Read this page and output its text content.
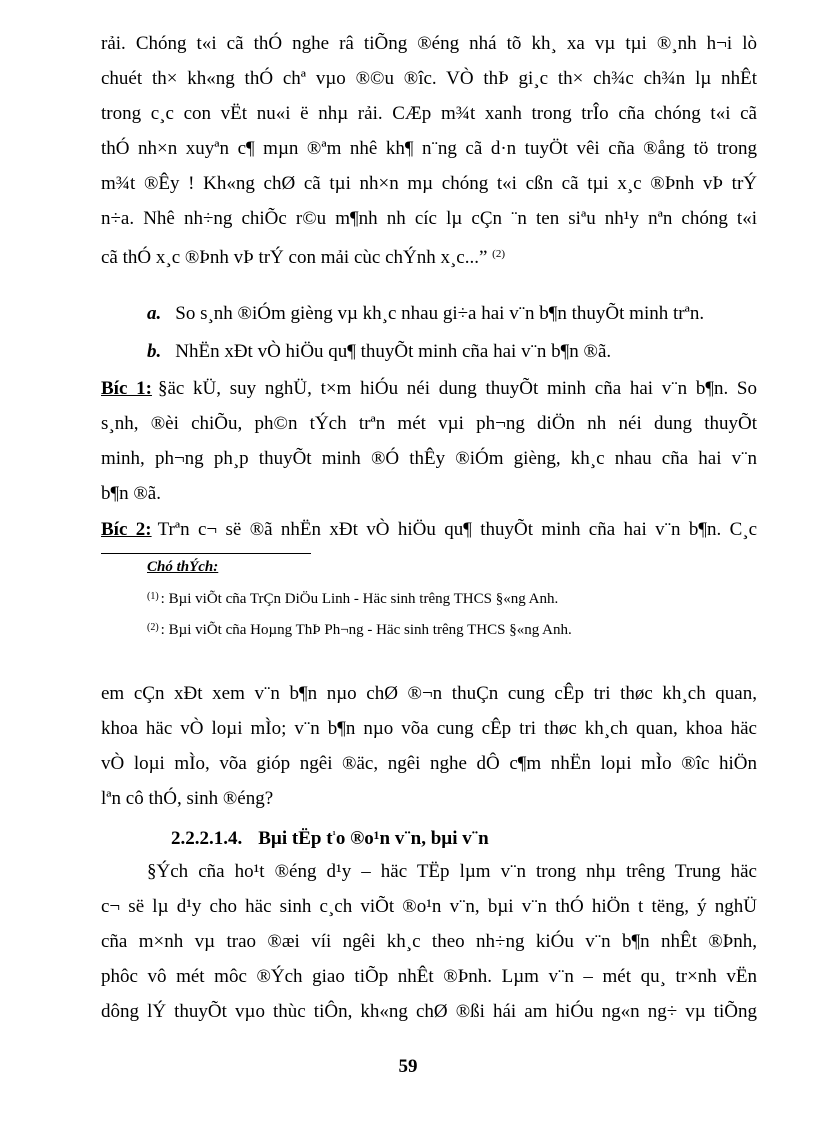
rải. Chóng t«i cã thÓ nghe râ tiÕng ®éng nhá tõ kh¸ xa vµ tµi ®¸nh h¬i lò
chuét th× kh«ng thÓ chª vµo ®©u ®îc. VÒ thÞ gi¸c th× ch¾c ch¾n lµ nhÊt
trong c¸c con vËt nu«i ë nhµ rải. CÆp m¾t xanh trong trÎo cña chóng t«i cã
thÓ nh×n xuyªn c¶ mµn ®ªm nhê kh¶ n¨ng cã d·n tuyÖt vêi cña ®ång tö trong
m¾t ®Êy ! Kh«ng chØ cã tµi nh×n mµ chóng t«i cßn cã tµi x¸c ®Þnh vÞ trÝ
n÷a. Nhê nh÷ng chiÕc r©u m¶nh nh cíc lµ cÇn ¨n ten siªu nh¹y nªn chóng t«i
cã thÓ x¸c ®Þnh vÞ trÝ con mải cùc chÝnh x¸c...” $^{(2)}$
a. So s¸nh ®iÓm gièng vµ kh¸c nhau gi÷a hai v¨n b¶n thuyÕt minh trªn.
b. NhËn xÐt vÒ hiÖu qu¶ thuyÕt minh cña hai v¨n b¶n ®ã.
Bíc 1: §äc kÜ, suy nghÜ, t×m hiÓu néi dung thuyÕt minh cña hai v¨n b¶n. So
s¸nh, ®èi chiÕu, ph©n tÝch trªn mét vµi ph¬ng diÖn nh néi dung thuyÕt
minh, ph¬ng ph¸p thuyÕt minh ®Ó thÊy ®iÓm gièng, kh¸c nhau cña hai v¨n
b¶n ®ã.
Bíc 2: Trªn c¬ së ®ã nhËn xÐt vÒ hiÖu qu¶ thuyÕt minh cña hai v¨n b¶n. C¸c
Chó thÝch:
$^{(1)}$ : Bµi viÕt cña TrÇn DiÖu Linh - Häc sinh trêng THCS §«ng Anh.
$^{(2)}$ : Bµi viÕt cña Hoµng ThÞ Ph¬ng - Häc sinh trêng THCS §«ng Anh.
em cÇn xÐt xem v¨n b¶n nµo chØ ®¬n thuÇn cung cÊp tri thøc kh¸ch quan,
khoa häc vÒ loµi mÌo; v¨n b¶n nµo võa cung cÊp tri thøc kh¸ch quan, khoa häc
vÒ loµi mÌo, võa gióp ngêi ®äc, ngêi nghe dÔ c¶m nhËn loµi mÌo ®îc hiÖn
lªn cô thÓ, sinh ®éng?
2.2.2.1.4. Bµi tËp $t^{^1}o$ ®o¹n v¨n, bµi v¨n
§Ých cña ho¹t ®éng d¹y – häc TËp lµm v¨n trong nhµ trêng Trung häc
c¬ së lµ d¹y cho häc sinh c¸ch viÕt ®o¹n v¨n, bµi v¨n thÓ hiÖn t tëng, ý nghÜ
cña m×nh vµ trao ®æi víi ngêi kh¸c theo nh÷ng kiÓu v¨n b¶n nhÊt ®Þnh,
phôc vô mét môc ®Ých giao tiÕp nhÊt ®Þnh. Lµm v¨n – mét qu¸ tr×nh vËn
dông lÝ thuyÕt vµo thùc tiÔn, kh«ng chØ ®ßi hái am hiÓu ng«n ng÷ vµ tiÕng
59
